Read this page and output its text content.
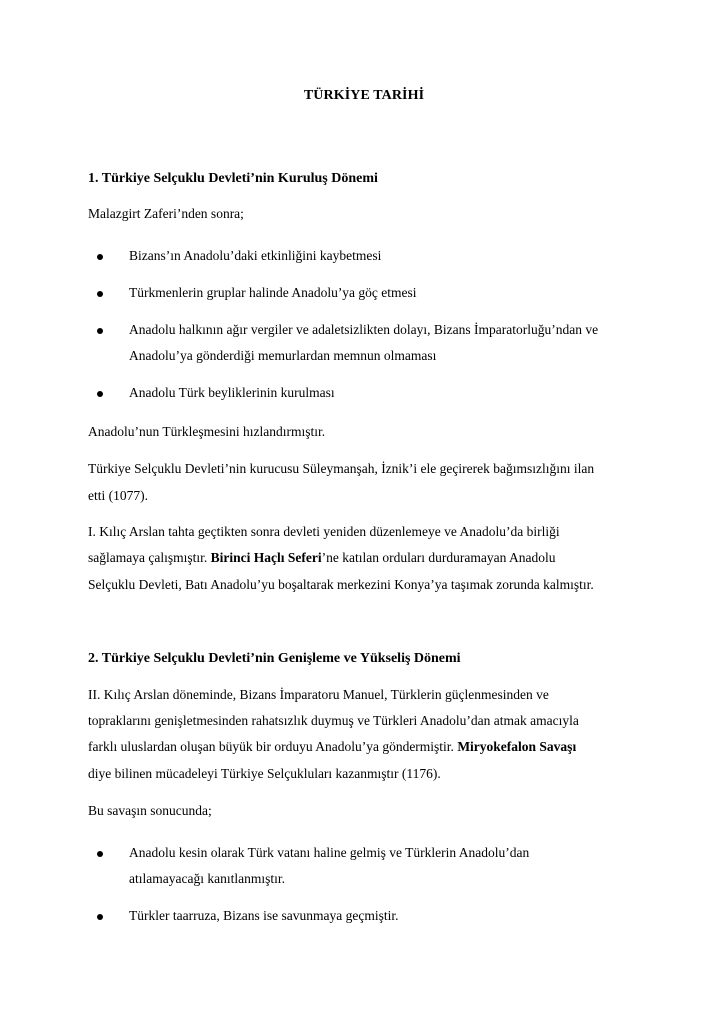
TÜRKİYE TARİHİ
1. Türkiye Selçuklu Devleti’nin Kuruluş Dönemi

Malazgirt Zaferi’nden sonra;

Bizans’ın Anadolu’daki etkinliğini kaybetmesi

Türkmenlerin gruplar halinde Anadolu’ya göç etmesi

Anadolu halkının ağır vergiler ve adaletsizlikten dolayı, Bizans İmparatorluğu’ndan ve

Anadolu’ya gönderdiği memurlardan memnun olmaması

Anadolu Türk beyliklerinin kurulması

Anadolu’nun Türkleşmesini hızlandırmıştır.

Türkiye Selçuklu Devleti’nin kurucusu Süleymanşah, İznik’i ele geçirerek bağımsızlığını ilan

etti (1077).

I. Kılıç Arslan tahta geçtikten sonra devleti yeniden düzenlemeye ve Anadolu’da birliği

sağlamaya çalışmıştır. Birinci Haçlı Seferi’ne katılan orduları durduramayan Anadolu

Selçuklu Devleti, Batı Anadolu’yu boşaltarak merkezini Konya’ya taşımak zorunda kalmıştır.

2. Türkiye Selçuklu Devleti’nin Genişleme ve Yükseliş Dönemi

II. Kılıç Arslan döneminde, Bizans İmparatoru Manuel, Türklerin güçlenmesinden ve

topraklarını genişletmesinden rahatsızlık duymuş ve Türkleri Anadolu’dan atmak amacıyla

farklı uluslardan oluşan büyük bir orduyu Anadolu’ya göndermiştir. Miryokefalon Savaşı

diye bilinen mücadeleyi Türkiye Selçukluları kazanmıştır (1176).

Bu savaşın sonucunda;

Anadolu kesin olarak Türk vatanı haline gelmiş ve Türklerin Anadolu’dan

atılamayacağı kanıtlanmıştır.

Türkler taarruza, Bizans ise savunmaya geçmiştir.
